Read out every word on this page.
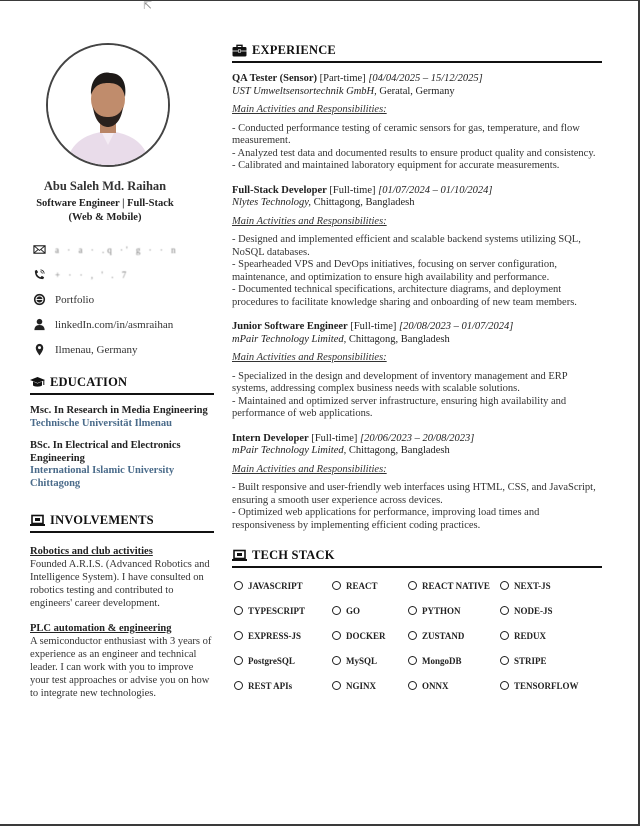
⇱
Abu Saleh Md. Raihan
Software Engineer | Full-Stack
(Web & Mobile)
a · a · .q ·' g · · n
+ · · , ' . 7
Portfolio
linkedIn.com/in/asmraihan
Ilmenau, Germany
EDUCATION
Msc. In Research in Media Engineering
Technische Universität Ilmenau
BSc. In Electrical and Electronics Engineering
International Islamic University Chittagong
INVOLVEMENTS
Robotics and club activities
Founded A.R.I.S. (Advanced Robotics and Intelligence System). I have consulted on robotics testing and contributed to engineers' career development.
PLC automation & engineering
A semiconductor enthusiast with 3 years of experience as an engineer and technical leader. I can work with you to improve your test approaches or advise you on how to integrate new technologies.
EXPERIENCE
QA Tester (Sensor) [Part-time] [04/04/2025 – 15/12/2025]
UST Umweltsensortechnik GmbH, Geratal, Germany
Main Activities and Responsibilities:
- Conducted performance testing of ceramic sensors for gas, temperature, and flow measurement.
- Analyzed test data and documented results to ensure product quality and consistency.
- Calibrated and maintained laboratory equipment for accurate measurements.
Full-Stack Developer [Full-time] [01/07/2024 – 01/10/2024]
Nlytes Technology, Chittagong, Bangladesh
Main Activities and Responsibilities:
- Designed and implemented efficient and scalable backend systems utilizing SQL, NoSQL databases.
- Spearheaded VPS and DevOps initiatives, focusing on server configuration, maintenance, and optimization to ensure high availability and performance.
- Documented technical specifications, architecture diagrams, and deployment procedures to facilitate knowledge sharing and onboarding of new team members.
Junior Software Engineer [Full-time] [20/08/2023 – 01/07/2024]
mPair Technology Limited, Chittagong, Bangladesh
Main Activities and Responsibilities:
- Specialized in the design and development of inventory management and ERP systems, addressing complex business needs with scalable solutions.
- Maintained and optimized server infrastructure, ensuring high availability and performance of web applications.
Intern Developer [Full-time] [20/06/2023 – 20/08/2023]
mPair Technology Limited, Chittagong, Bangladesh
Main Activities and Responsibilities:
- Built responsive and user-friendly web interfaces using HTML, CSS, and JavaScript, ensuring a smooth user experience across devices.
- Optimized web applications for performance, improving load times and responsiveness by implementing efficient coding practices.
TECH STACK
JAVASCRIPT	REACT	REACT NATIVE	NEXT-JS
TYPESCRIPT	GO	PYTHON	NODE-JS
EXPRESS-JS	DOCKER	ZUSTAND	REDUX
PostgreSQL	MySQL	MongoDB	STRIPE
REST APIs	NGINX	ONNX	TENSORFLOW
